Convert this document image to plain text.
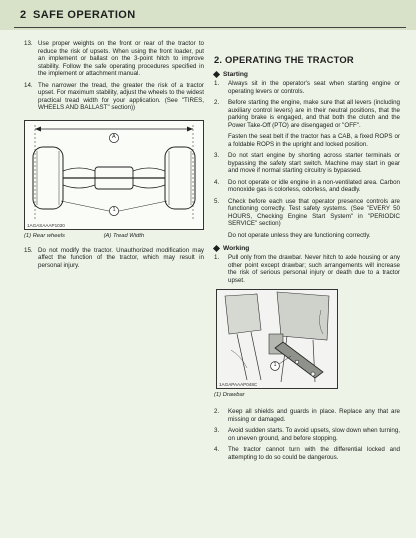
2 SAFE OPERATION
13. Use proper weights on the front or rear of the tractor to reduce the risk of upsets. When using the front loader, put an implement or ballast on the 3-point hitch to improve stability. Follow the safe operating procedures specified in the implement or attachment manual.
14. The narrower the tread, the greater the risk of a tractor upset. For maximum stability, adjust the wheels to the widest practical tread width for your application. (See "TIRES, WHEELS AND BALLAST" section))
A
1
1AGASAAAP1030
(1) Rear wheels	(A) Tread Width
15. Do not modify the tractor. Unauthorized modification may affect the function of the tractor, which may result in personal injury.
2. OPERATING THE TRACTOR
Starting
1.	Always sit in the operator's seat when starting engine or operating levers or controls.
2.	Before starting the engine, make sure that all levers (including auxiliary control levers) are in their neutral positions, that the parking brake is engaged, and that both the clutch and the Power Take-Off (PTO) are disengaged or "OFF".
Fasten the seat belt if the tractor has a CAB, a fixed ROPS or a foldable ROPS in the upright and locked position.
3.	Do not start engine by shorting across starter terminals or bypassing the safety start switch. Machine may start in gear and move if normal starting circuitry is bypassed.
4.	Do not operate or idle engine in a non-ventilated area. Carbon monoxide gas is colorless, odorless, and deadly.
5.	Check before each use that operator presence controls are functioning correctly. Test safety systems. (See "EVERY 50 HOURS, Checking Engine Start System" in "PERIODIC SERVICE" section)
Do not operate unless they are functioning correctly.
Working
1.	Pull only from the drawbar. Never hitch to axle housing or any other point except drawbar; such arrangements will increase the risk of serious personal injury or death due to a tractor upset.
1
1AGAPAAAP048C
(1) Drawbar
2.	Keep all shields and guards in place. Replace any that are missing or damaged.
3.	Avoid sudden starts. To avoid upsets, slow down when turning, on uneven ground, and before stopping.
4.	The tractor cannot turn with the differential locked and attempting to do so could be dangerous.
